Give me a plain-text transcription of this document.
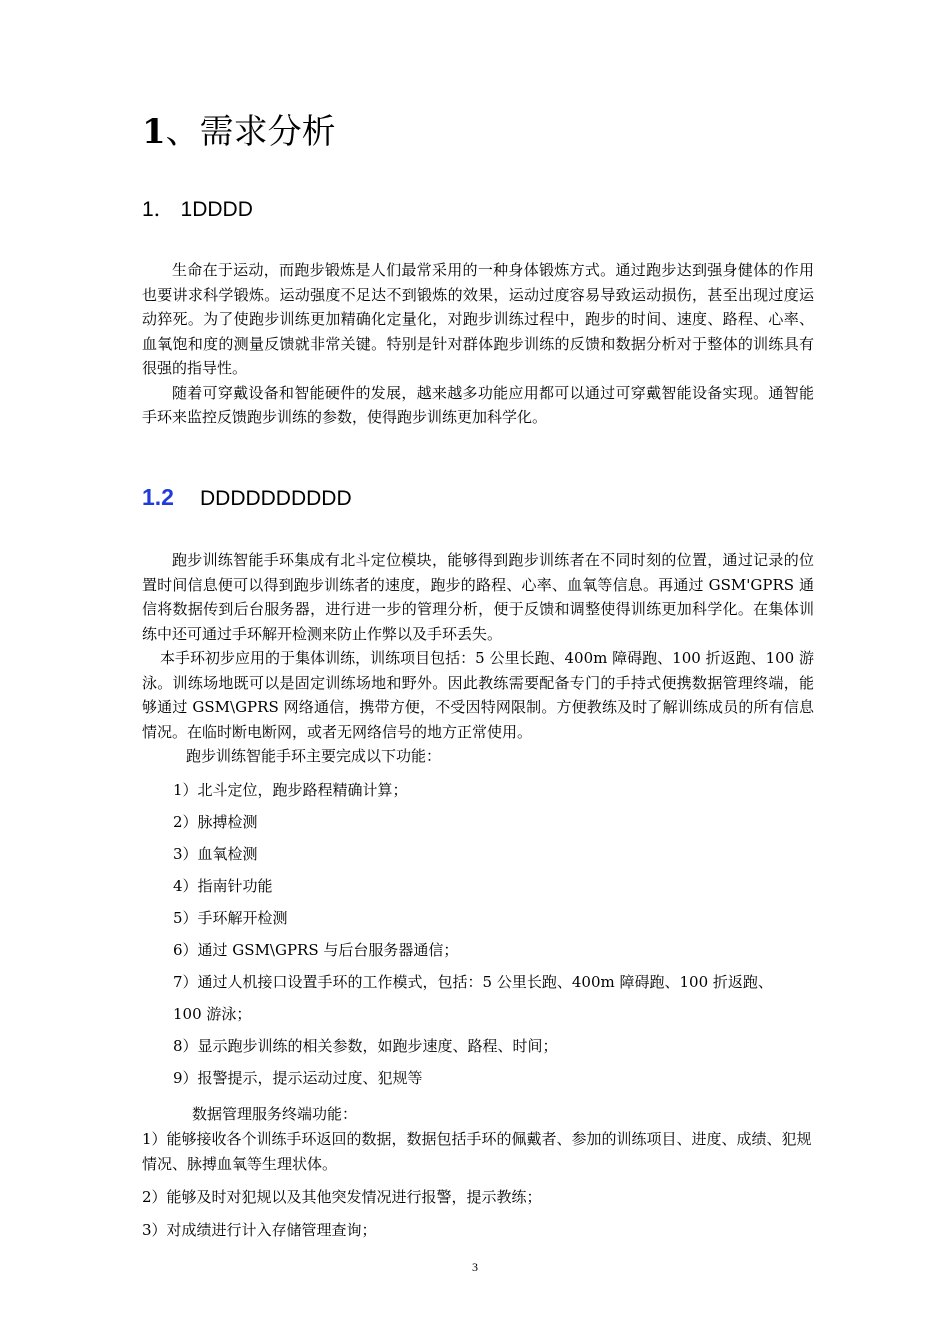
1、需求分析
1． 1DDDD

生命在于运动，而跑步锻炼是人们最常采用的一种身体锻炼方式。通过跑步达到强身健体的作用也要讲求科学锻炼。运动强度不足达不到锻炼的效果，运动过度容易导致运动损伤，甚至出现过度运动猝死。为了使跑步训练更加精确化定量化，对跑步训练过程中，跑步的时间、速度、路程、心率、血氧饱和度的测量反馈就非常关键。特别是针对群体跑步训练的反馈和数据分析对于整体的训练具有很强的指导性。

随着可穿戴设备和智能硬件的发展，越来越多功能应用都可以通过可穿戴智能设备实现。通智能手环来监控反馈跑步训练的参数，使得跑步训练更加科学化。

1.2 DDDDDDDDDD

跑步训练智能手环集成有北斗定位模块，能够得到跑步训练者在不同时刻的位置，通过记录的位置时间信息便可以得到跑步训练者的速度，跑步的路程、心率、血氧等信息。再通过 GSM'GPRS 通信将数据传到后台服务器，进行进一步的管理分析，便于反馈和调整使得训练更加科学化。在集体训练中还可通过手环解开检测来防止作弊以及手环丢失。

本手环初步应用的于集体训练，训练项目包括：5 公里长跑、400m 障碍跑、100 折返跑、100 游泳。训练场地既可以是固定训练场地和野外。因此教练需要配备专门的手持式便携数据管理终端，能够通过 GSM\GPRS 网络通信，携带方便，不受因特网限制。方便教练及时了解训练成员的所有信息情况。在临时断电断网，或者无网络信号的地方正常使用。

跑步训练智能手环主要完成以下功能：

1）北斗定位，跑步路程精确计算；
2）脉搏检测
3）血氧检测
4）指南针功能
5）手环解开检测
6）通过 GSM\GPRS 与后台服务器通信；
7）通过人机接口设置手环的工作模式，包括：5 公里长跑、400m 障碍跑、100 折返跑、
100 游泳；
8）显示跑步训练的相关参数，如跑步速度、路程、时间；
9）报警提示，提示运动过度、犯规等
数据管理服务终端功能：
1）能够接收各个训练手环返回的数据，数据包括手环的佩戴者、参加的训练项目、进度、成绩、犯规情况、脉搏血氧等生理状体。
2）能够及时对犯规以及其他突发情况进行报警，提示教练；
3）对成绩进行计入存储管理查询；
3
